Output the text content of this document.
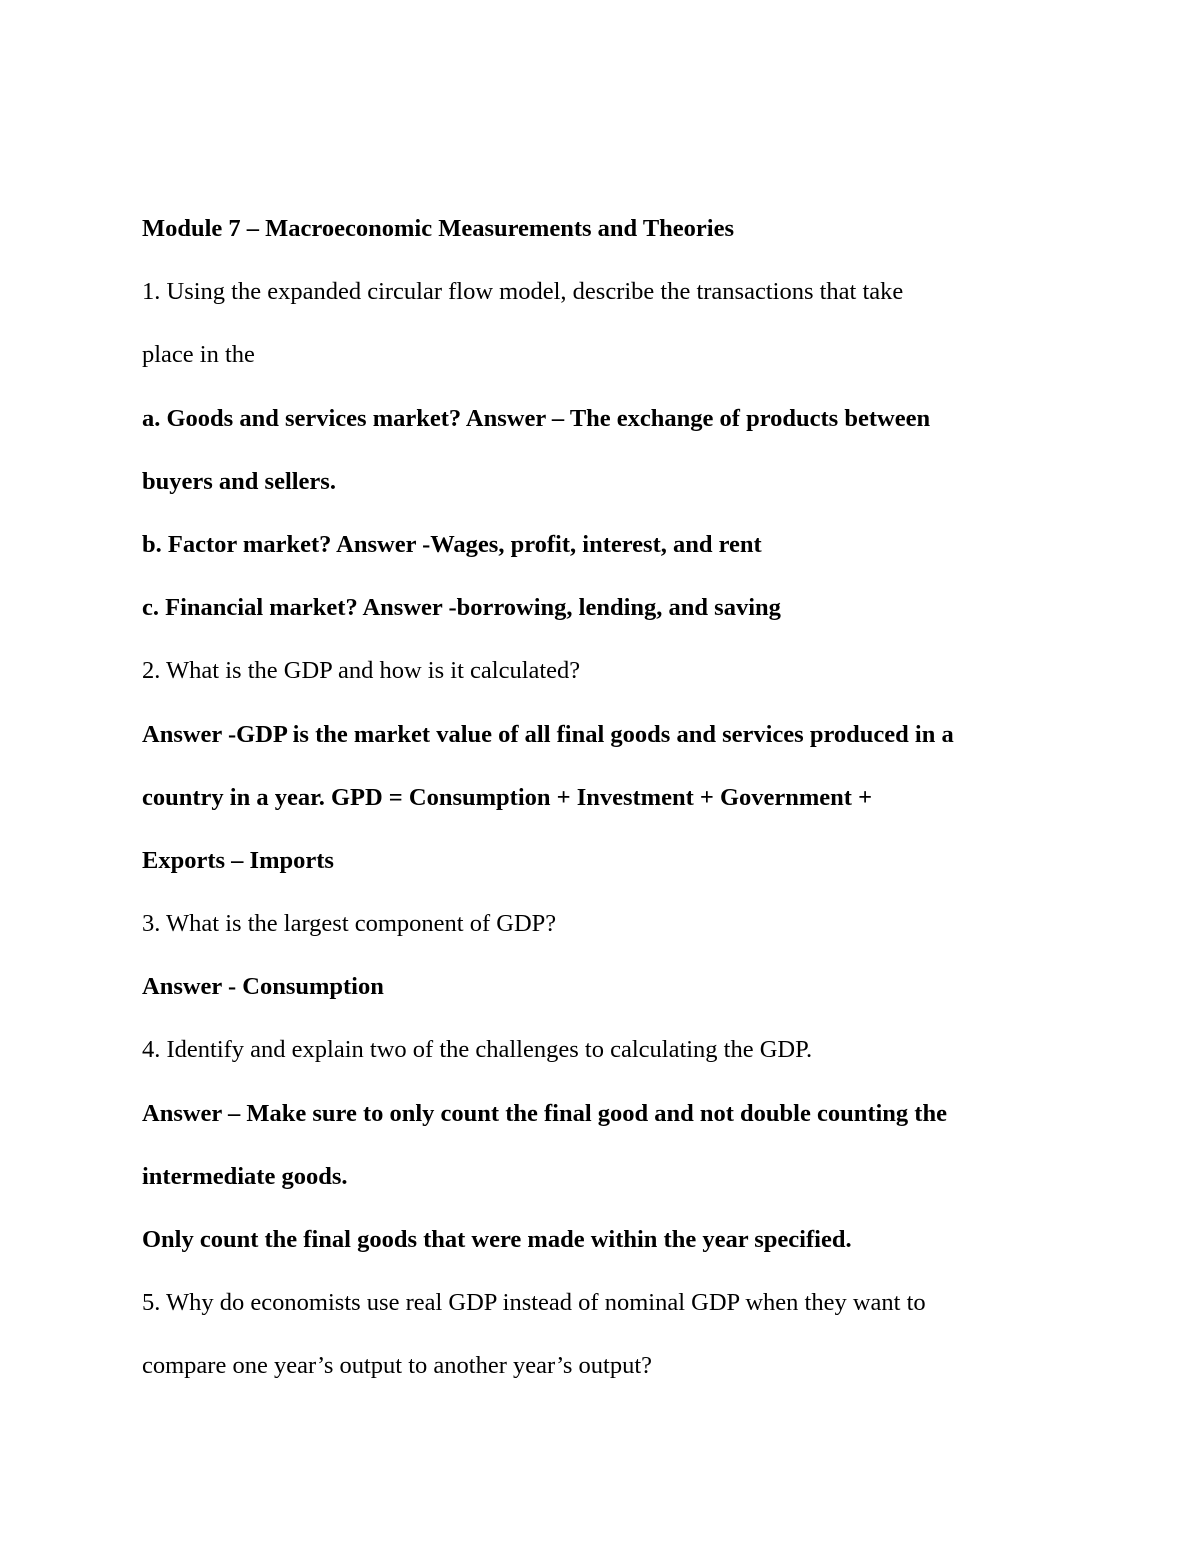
Module 7 – Macroeconomic Measurements and Theories

1. Using the expanded circular flow model, describe the transactions that take

place in the

a. Goods and services market? Answer – The exchange of products between

buyers and sellers.

b. Factor market? Answer -Wages, profit, interest, and rent

c. Financial market? Answer -borrowing, lending, and saving

2. What is the GDP and how is it calculated?

Answer -GDP is the market value of all final goods and services produced in a

country in a year. GPD = Consumption + Investment + Government +

Exports – Imports

3. What is the largest component of GDP?

Answer - Consumption

4. Identify and explain two of the challenges to calculating the GDP.

Answer – Make sure to only count the final good and not double counting the

intermediate goods.

Only count the final goods that were made within the year specified.

5. Why do economists use real GDP instead of nominal GDP when they want to

compare one year’s output to another year’s output?
